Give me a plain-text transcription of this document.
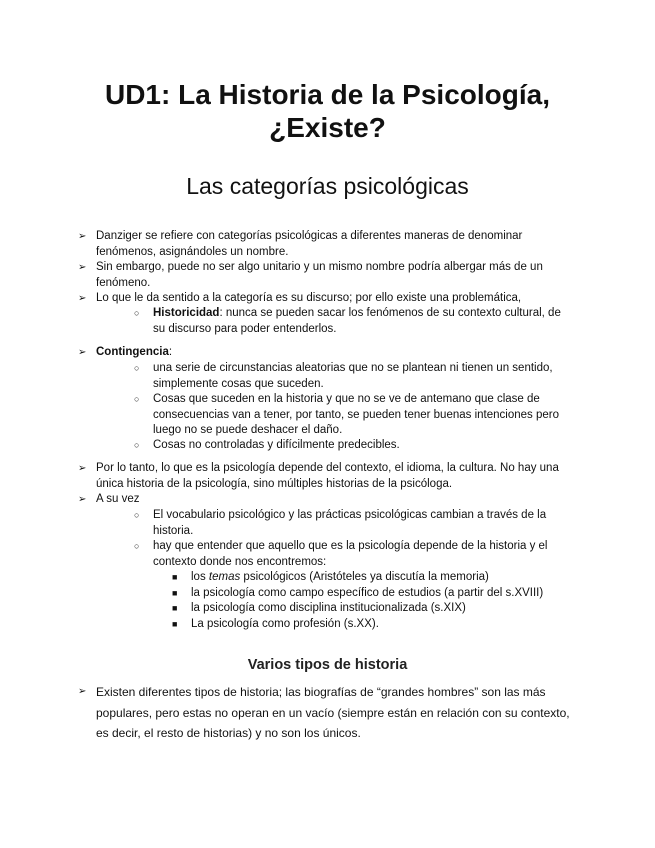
UD1: La Historia de la Psicología,
¿Existe?
Las categorías psicológicas
➢ Danziger se refiere con categorías psicológicas a diferentes maneras de denominar fenómenos, asignándoles un nombre.
➢ Sin embargo, puede no ser algo unitario y un mismo nombre podría albergar más de un fenómeno.
➢ Lo que le da sentido a la categoría es su discurso; por ello existe una problemática,
○ Historicidad: nunca se pueden sacar los fenómenos de su contexto cultural, de su discurso para poder entenderlos.
➢ Contingencia:
○ una serie de circunstancias aleatorias que no se plantean ni tienen un sentido, simplemente cosas que suceden.
○ Cosas que suceden en la historia y que no se ve de antemano que clase de consecuencias van a tener, por tanto, se pueden tener buenas intenciones pero luego no se puede deshacer el daño.
○ Cosas no controladas y difícilmente predecibles.
➢ Por lo tanto, lo que es la psicología depende del contexto, el idioma, la cultura. No hay una única historia de la psicología, sino múltiples historias de la psicóloga.
➢ A su vez
○ El vocabulario psicológico y las prácticas psicológicas cambian a través de la historia.
○ hay que entender que aquello que es la psicología depende de la historia y el contexto donde nos encontremos:
■ los temas psicológicos (Aristóteles ya discutía la memoria)
■ la psicología como campo específico de estudios (a partir del s.XVIII)
■ la psicología como disciplina institucionalizada (s.XIX)
■ La psicología como profesión (s.XX).
Varios tipos de historia
➢ Existen diferentes tipos de historia; las biografías de “grandes hombres” son las más populares, pero estas no operan en un vacío (siempre están en relación con su contexto, es decir, el resto de historias) y no son los únicos.
